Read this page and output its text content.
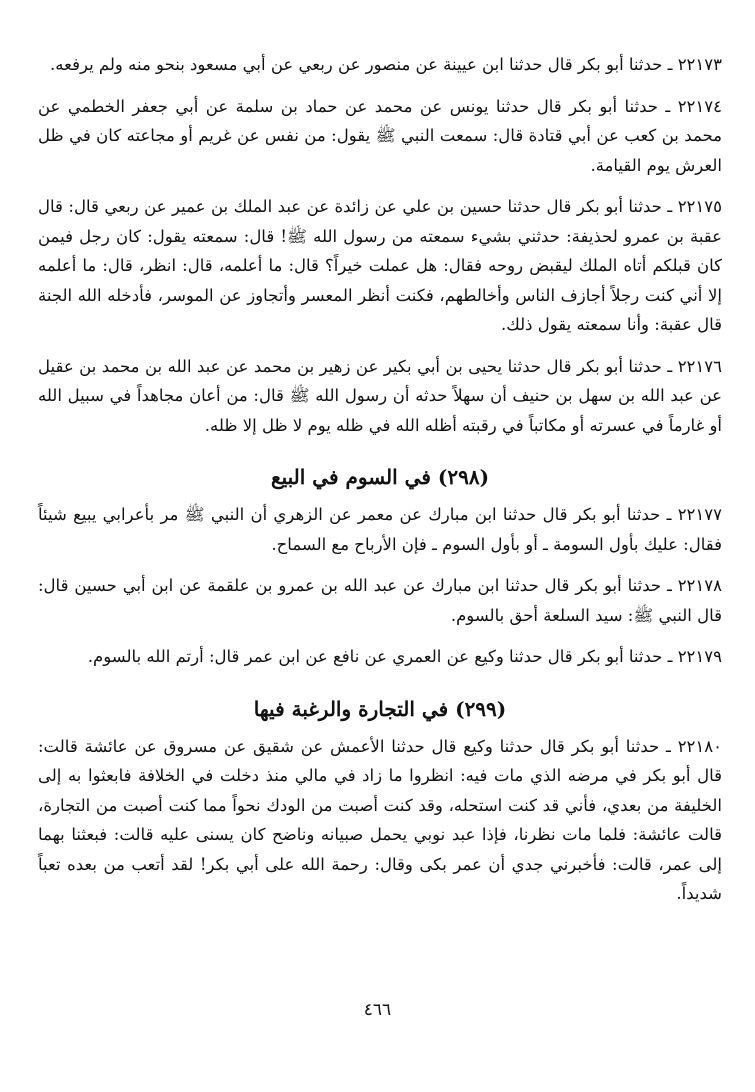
٢٢١٧٣ ـ حدثنا أبو بكر قال حدثنا ابن عيينة عن منصور عن ربعي عن أبي مسعود بنحو منه ولم يرفعه.

٢٢١٧٤ ـ حدثنا أبو بكر قال حدثنا يونس عن محمد عن حماد بن سلمة عن أبي جعفر الخطمي عن محمد بن كعب عن أبي قتادة قال: سمعت النبي ﷺ يقول: من نفس عن غريم أو مجاعته كان في ظل العرش يوم القيامة.

٢٢١٧٥ ـ حدثنا أبو بكر قال حدثنا حسين بن علي عن زائدة عن عبد الملك بن عمير عن ربعي قال: قال عقبة بن عمرو لحذيفة: حدثني بشيء سمعته من رسول الله ﷺ! قال: سمعته يقول: كان رجل فيمن كان قبلكم أتاه الملك ليقبض روحه فقال: هل عملت خيراً؟ قال: ما أعلمه، قال: انظر، قال: ما أعلمه إلا أني كنت رجلاً أجازف الناس وأخالطهم، فكنت أنظر المعسر وأتجاوز عن الموسر، فأدخله الله الجنة قال عقبة: وأنا سمعته يقول ذلك.

٢٢١٧٦ ـ حدثنا أبو بكر قال حدثنا يحيى بن أبي بكير عن زهير بن محمد عن عبد الله بن محمد بن عقيل عن عبد الله بن سهل بن حنيف أن سهلاً حدثه أن رسول الله ﷺ قال: من أعان مجاهداً في سبيل الله أو غارماً في عسرته أو مكاتباً في رقبته أظله الله في ظله يوم لا ظل إلا ظله.

(٢٩٨) في السوم في البيع

٢٢١٧٧ ـ حدثنا أبو بكر قال حدثنا ابن مبارك عن معمر عن الزهري أن النبي ﷺ مر بأعرابي يبيع شيئاً فقال: عليك بأول السومة ـ أو بأول السوم ـ فإن الأرباح مع السماح.

٢٢١٧٨ ـ حدثنا أبو بكر قال حدثنا ابن مبارك عن عبد الله بن عمرو بن علقمة عن ابن أبي حسين قال: قال النبي ﷺ: سيد السلعة أحق بالسوم.

٢٢١٧٩ ـ حدثنا أبو بكر قال حدثنا وكيع عن العمري عن نافع عن ابن عمر قال: أرتم الله بالسوم.

(٢٩٩) في التجارة والرغبة فيها

٢٢١٨٠ ـ حدثنا أبو بكر قال حدثنا وكيع قال حدثنا الأعمش عن شقيق عن مسروق عن عائشة قالت: قال أبو بكر في مرضه الذي مات فيه: انظروا ما زاد في مالي منذ دخلت في الخلافة فابعثوا به إلى الخليفة من بعدي، فأني قد كنت استحله، وقد كنت أصبت من الودك نحواً مما كنت أصبت من التجارة، قالت عائشة: فلما مات نظرنا، فإذا عبد نوبي يحمل صبيانه وناضح كان يسنى عليه قالت: فبعثنا بهما إلى عمر، قالت: فأخبرني جدي أن عمر بكى وقال: رحمة الله على أبي بكر! لقد أتعب من بعده تعباً شديداً.

٤٦٦
